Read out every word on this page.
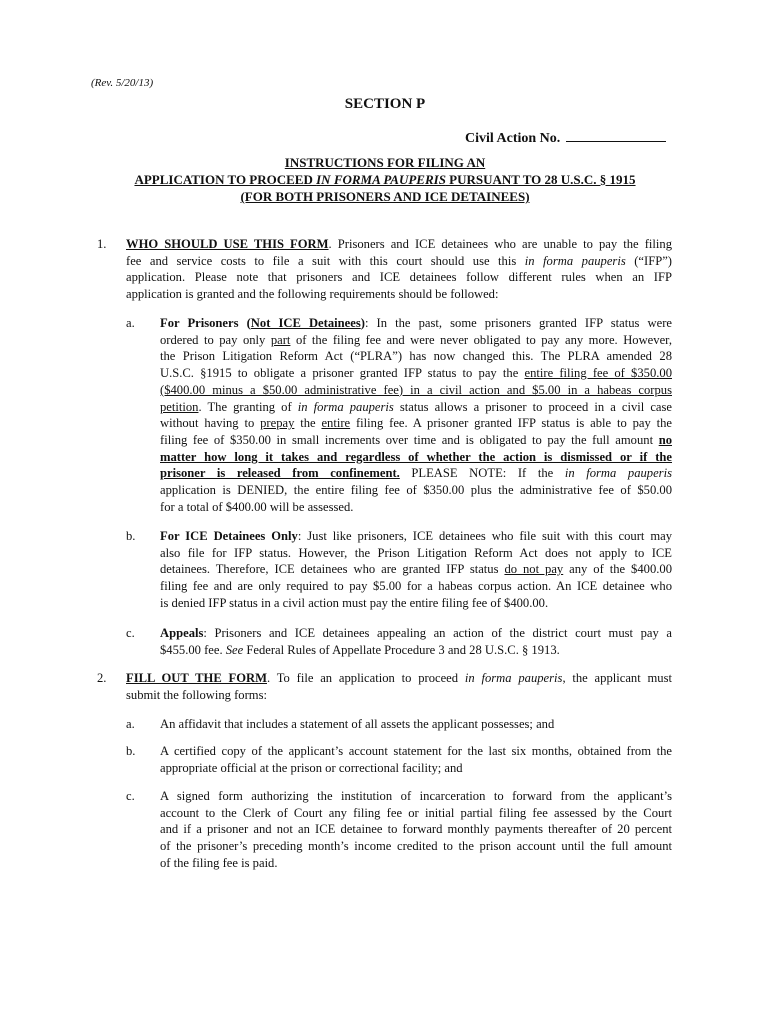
(Rev. 5/20/13)
SECTION P
Civil Action No.
INSTRUCTIONS FOR FILING AN
APPLICATION TO PROCEED IN FORMA PAUPERIS PURSUANT TO 28 U.S.C. § 1915
(FOR BOTH PRISONERS AND ICE DETAINEES)
1. WHO SHOULD USE THIS FORM. Prisoners and ICE detainees who are unable to pay the filing
fee and service costs to file a suit with this court should use this in forma pauperis (“IFP”)
application. Please note that prisoners and ICE detainees follow different rules when an IFP
application is granted and the following requirements should be followed:
a. For Prisoners (Not ICE Detainees): In the past, some prisoners granted IFP status were
ordered to pay only part of the filing fee and were never obligated to pay any more. However,
the Prison Litigation Reform Act (“PLRA”) has now changed this. The PLRA amended 28
U.S.C. §1915 to obligate a prisoner granted IFP status to pay the entire filing fee of $350.00
($400.00 minus a $50.00 administrative fee) in a civil action and $5.00 in a habeas corpus
petition. The granting of in forma pauperis status allows a prisoner to proceed in a civil case
without having to prepay the entire filing fee. A prisoner granted IFP status is able to pay the
filing fee of $350.00 in small increments over time and is obligated to pay the full amount no
matter how long it takes and regardless of whether the action is dismissed or if the
prisoner is released from confinement. PLEASE NOTE: If the in forma pauperis
application is DENIED, the entire filing fee of $350.00 plus the administrative fee of $50.00
for a total of $400.00 will be assessed.
b. For ICE Detainees Only: Just like prisoners, ICE detainees who file suit with this court may
also file for IFP status. However, the Prison Litigation Reform Act does not apply to ICE
detainees. Therefore, ICE detainees who are granted IFP status do not pay any of the $400.00
filing fee and are only required to pay $5.00 for a habeas corpus action. An ICE detainee who
is denied IFP status in a civil action must pay the entire filing fee of $400.00.
c. Appeals: Prisoners and ICE detainees appealing an action of the district court must pay a
$455.00 fee. See Federal Rules of Appellate Procedure 3 and 28 U.S.C. § 1913.
2. FILL OUT THE FORM. To file an application to proceed in forma pauperis, the applicant must
submit the following forms:
a. An affidavit that includes a statement of all assets the applicant possesses; and
b. A certified copy of the applicant’s account statement for the last six months, obtained from the
appropriate official at the prison or correctional facility; and
c. A signed form authorizing the institution of incarceration to forward from the applicant’s
account to the Clerk of Court any filing fee or initial partial filing fee assessed by the Court
and if a prisoner and not an ICE detainee to forward monthly payments thereafter of 20 percent
of the prisoner’s preceding month’s income credited to the prison account until the full amount
of the filing fee is paid.
